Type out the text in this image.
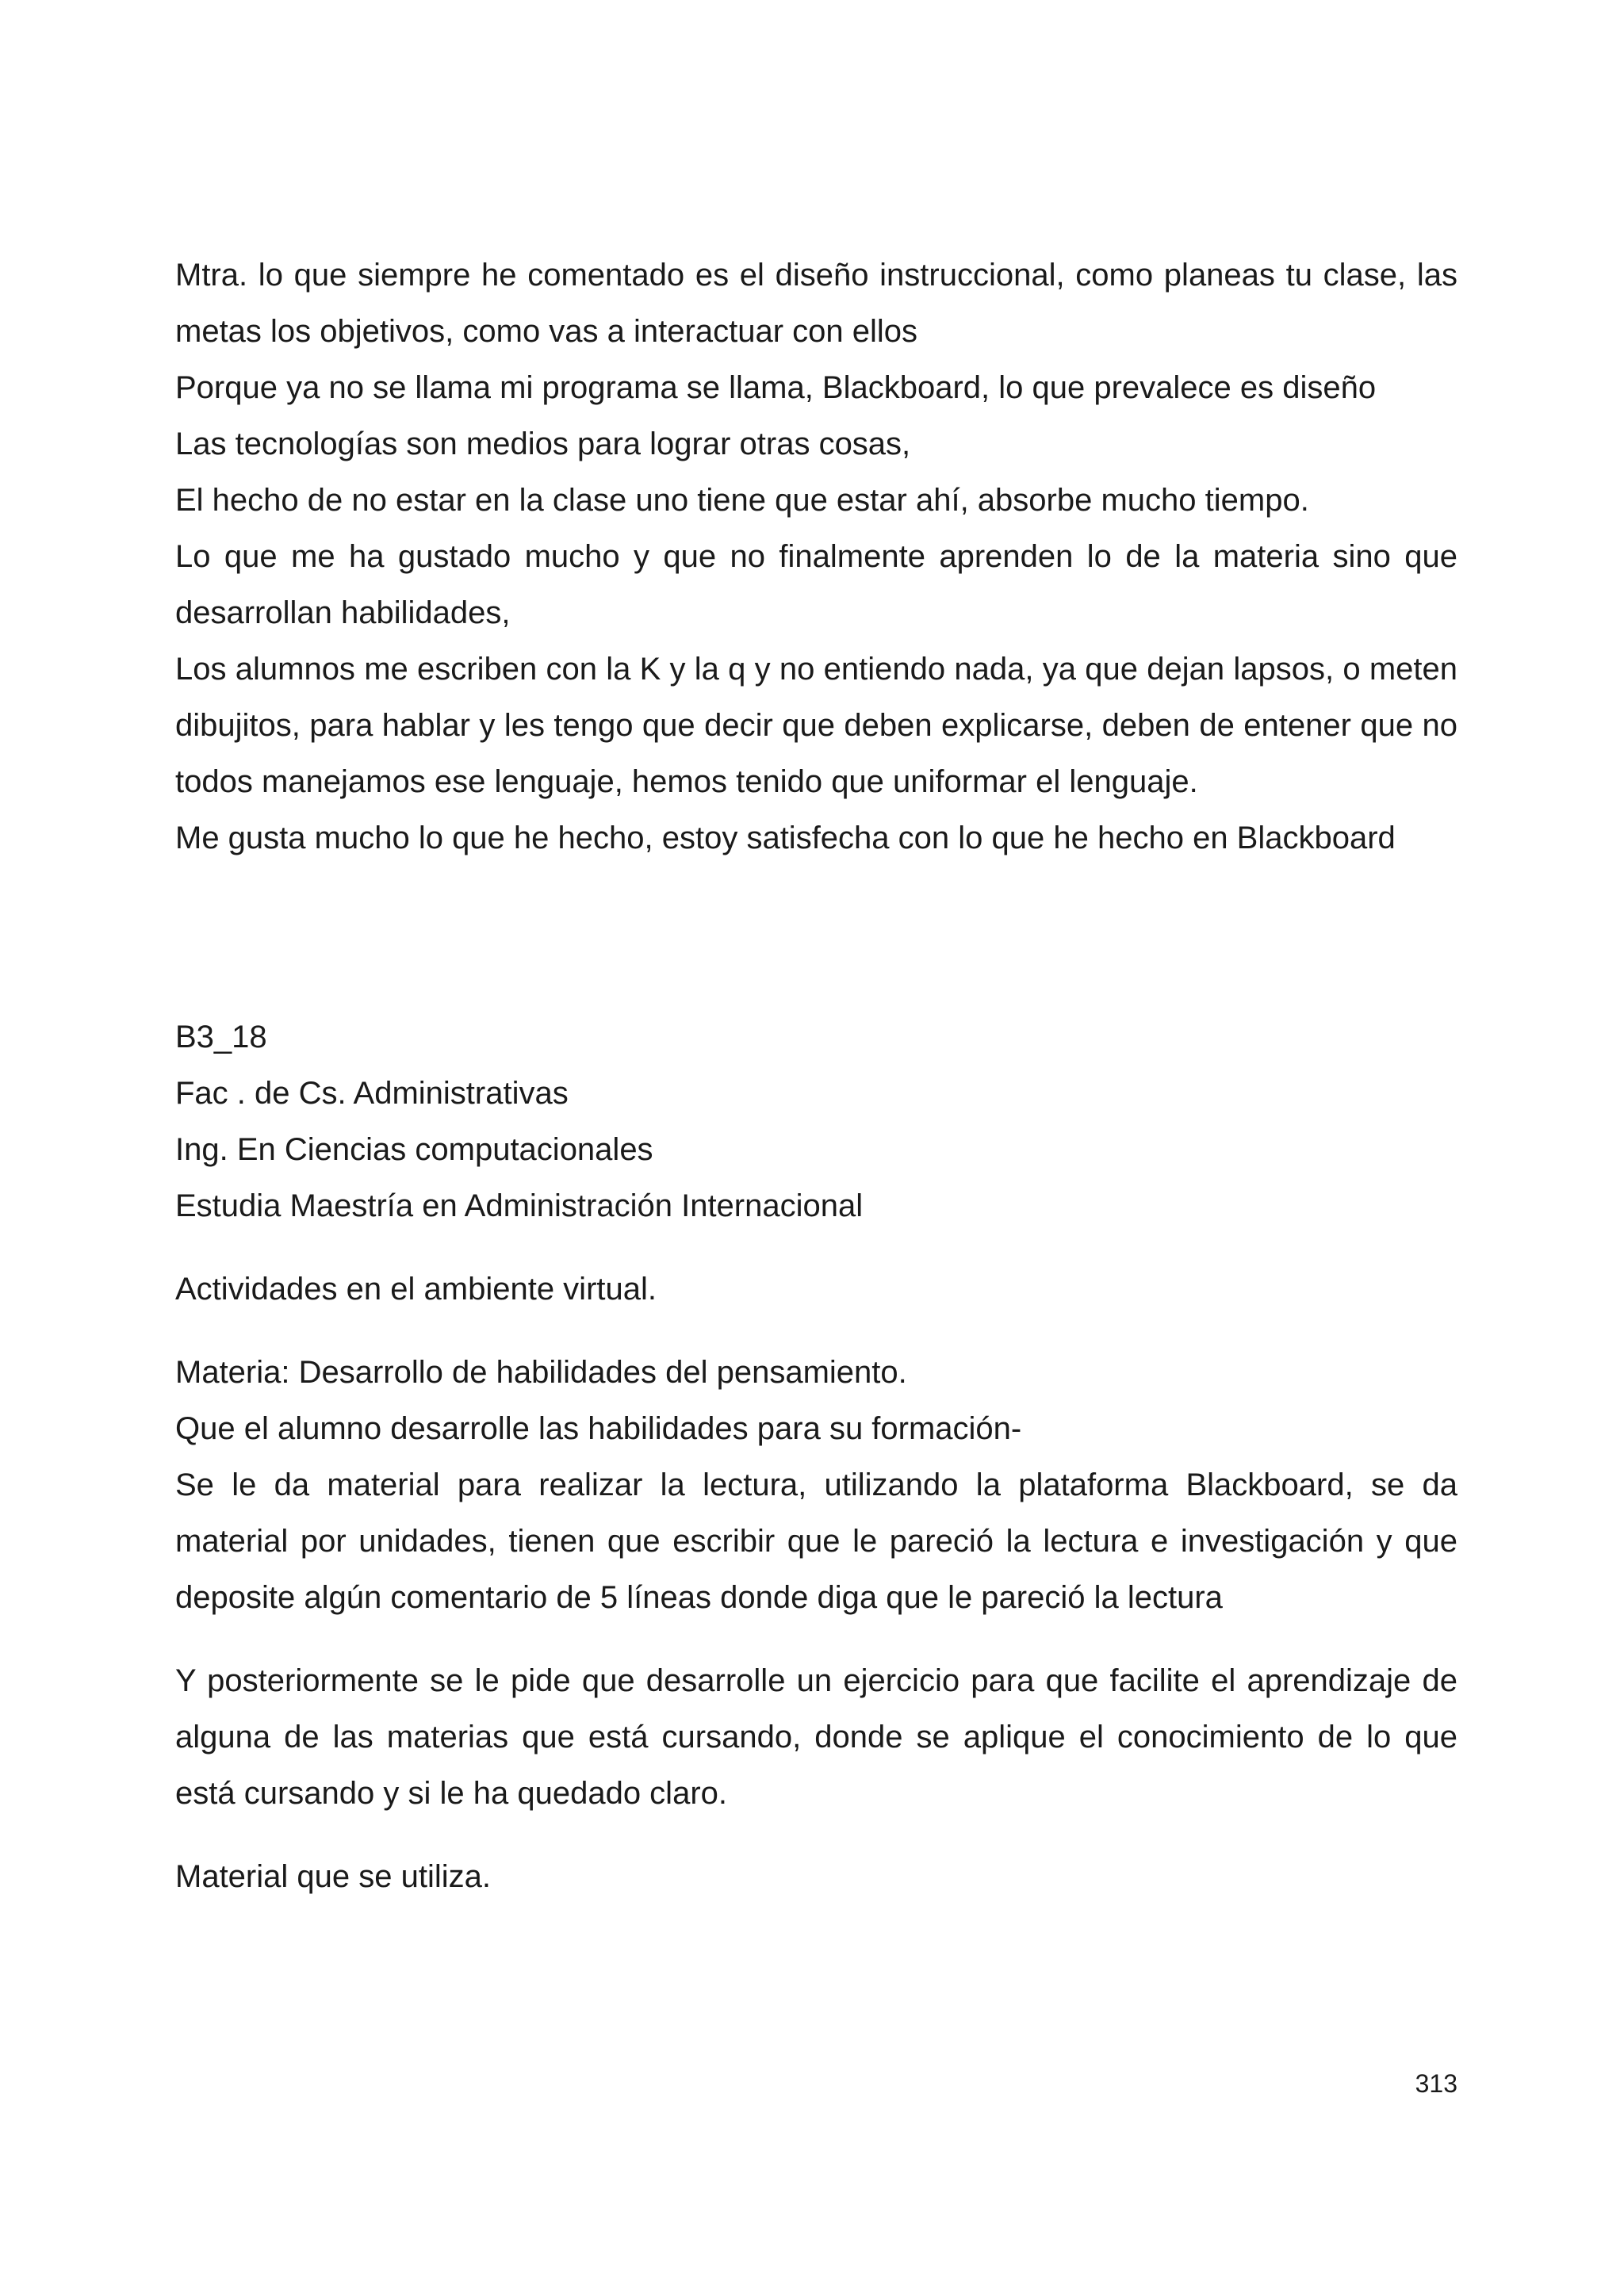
Mtra. lo que siempre he comentado es el diseño instruccional, como planeas tu clase, las metas los objetivos, como vas a interactuar con ellos

Porque ya no se llama mi programa se llama, Blackboard, lo que prevalece es diseño

Las tecnologías son medios para lograr otras cosas,

El hecho de no estar en la clase uno tiene que estar ahí, absorbe mucho tiempo.

Lo que me ha gustado mucho y que no finalmente aprenden lo de la materia sino que desarrollan habilidades,

Los alumnos me escriben con la K y la q y no entiendo nada, ya que dejan lapsos, o meten dibujitos, para hablar y les tengo que decir que deben explicarse, deben de entener que no todos manejamos ese lenguaje, hemos tenido que uniformar el lenguaje.

Me gusta mucho lo que he hecho, estoy satisfecha con lo que he hecho en Blackboard

B3_18

Fac . de Cs. Administrativas

Ing. En Ciencias computacionales

Estudia Maestría en Administración Internacional

Actividades en el ambiente virtual.

Materia: Desarrollo de habilidades del pensamiento.

Que el alumno desarrolle las habilidades para su formación-

Se le da material para realizar la lectura, utilizando la plataforma Blackboard, se da material por unidades, tienen que escribir que le pareció la lectura e investigación y que deposite algún comentario de 5 líneas donde diga que le pareció la lectura

Y posteriormente se le pide que desarrolle un ejercicio para que facilite el aprendizaje de alguna de las materias que está cursando, donde se aplique el conocimiento de lo que está cursando y si le ha quedado claro.

Material que se utiliza.

313
